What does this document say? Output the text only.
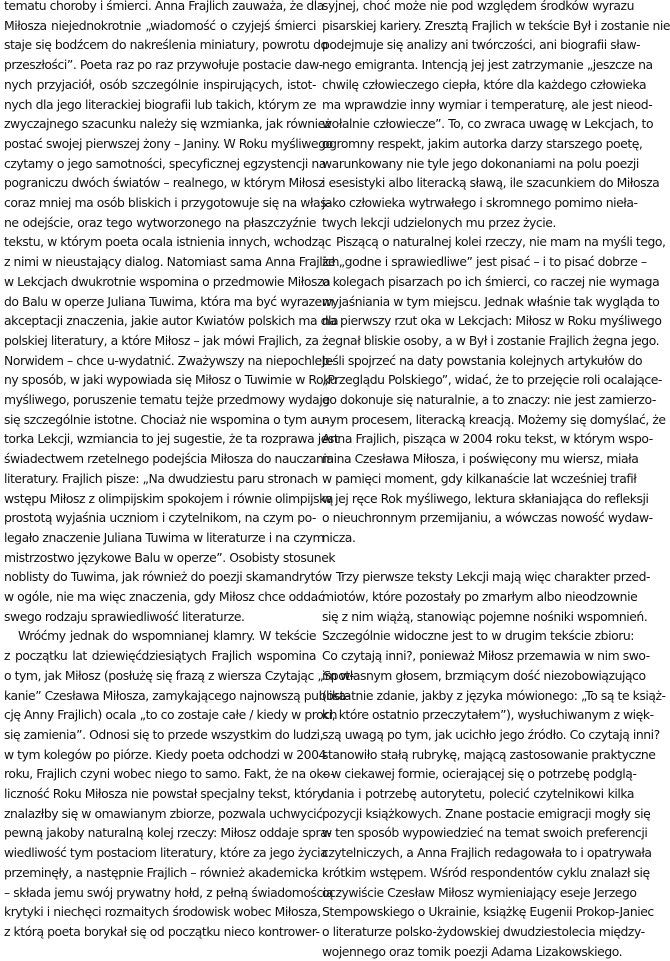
tematu choroby i śmierci. Anna Frajlich zauważa, że dla
Miłosza niejednokrotnie „wiadomość o czyjejś śmierci
staje się bodźcem do nakreślenia miniatury, powrotu do
przeszłości”. Poeta raz po raz przywołuje postacie daw-
nych przyjaciół, osób szczególnie inspirujących, istot-
nych dla jego literackiej biografii lub takich, którym ze
zwyczajnego szacunku należy się wzmianka, jak również
postać swojej pierwszej żony – Janiny. W Roku myśliwego
czytamy o jego samotności, specyficznej egzystencji na
pograniczu dwóch światów – realnego, w którym Miłosz
coraz mniej ma osób bliskich i przygotowuje się na włas-
ne odejście, oraz tego wytworzonego na płaszczyźnie
tekstu, w którym poeta ocala istnienia innych, wchodząc
z nimi w nieustający dialog. Natomiast sama Anna Frajlich
w Lekcjach dwukrotnie wspomina o przedmowie Miłosza
do Balu w operze Juliana Tuwima, która ma być wyrazem
akceptacji znaczenia, jakie autor Kwiatów polskich ma dla
polskiej literatury, a które Miłosz – jak mówi Frajlich, za
Norwidem – chce u-wydatnić. Zważywszy na niepochleb-
ny sposób, w jaki wypowiada się Miłosz o Tuwimie w Roku
myśliwego, poruszenie tematu tejże przedmowy wydaje
się szczególnie istotne. Chociaż nie wspomina o tym au-
torka Lekcji, wzmiancia to jej sugestie, że ta rozprawa jest
świadectwem rzetelnego podejścia Miłosza do nauczania
literatury. Frajlich pisze: „Na dwudziestu paru stronach
wstępu Miłosz z olimpijskim spokojem i równie olimpijską
prostotą wyjaśnia uczniom i czytelnikom, na czym po-
legało znaczenie Juliana Tuwima w literaturze i na czym
mistrzostwo językowe Balu w operze”. Osobisty stosunek
noblisty do Tuwima, jak również do poezji skamandrytów
w ogóle, nie ma więc znaczenia, gdy Miłosz chce oddać
swego rodzaju sprawiedliwość literaturze.
Wróćmy jednak do wspomnianej klamry. W tekście
z początku lat dziewięćdziesiątych Frajlich wspomina
o tym, jak Miłosz (posłużę się frazą z wiersza Czytając „Spot-
kanie” Czesława Miłosza, zamykającego najnowszą publika-
cję Anny Frajlich) ocala „to co zostaje całe / kiedy w proch
się zamienia”. Odnosi się to przede wszystkim do ludzi,
w tym kolegów po piórze. Kiedy poeta odchodzi w 2004
roku, Frajlich czyni wobec niego to samo. Fakt, że na oko-
liczność Roku Miłosza nie powstał specjalny tekst, który
znalazłby się w omawianym zbiorze, pozwala uchwycić
pewną jakoby naturalną kolej rzeczy: Miłosz oddaje spra-
wiedliwość tym postaciom literatury, które za jego życia
przeminęły, a następnie Frajlich – również akademicka
– składa jemu swój prywatny hołd, z pełną świadomością
krytyki i niechęci rozmaitych środowisk wobec Miłosza,
z którą poeta borykał się od początku nieco kontrower-
syjnej, choć może nie pod względem środków wyrazu
pisarskiej kariery. Zresztą Frajlich w tekście Był i zostanie nie
podejmuje się analizy ani twórczości, ani biografii sław-
nego emigranta. Intencją jej jest zatrzymanie „jeszcze na
chwilę człowieczego ciepła, które dla każdego człowieka
ma wprawdzie inny wymiar i temperaturę, ale jest nieod-
wołalnie człowiecze”. To, co zwraca uwagę w Lekcjach, to
ogromny respekt, jakim autorka darzy starszego poetę,
warunkowany nie tyle jego dokonaniami na polu poezji
i esesistyki albo literacką sławą, ile szacunkiem do Miłosza
jako człowieka wytrwałego i skromnego pomimo nieła-
twych lekcji udzielonych mu przez życie.
Piszącą o naturalnej kolei rzeczy, nie mam na myśli tego,
że „godne i sprawiedliwe” jest pisać – i to pisać dobrze –
o kolegach pisarzach po ich śmierci, co raczej nie wymaga
wyjaśniania w tym miejscu. Jednak właśnie tak wygląda to
na pierwszy rzut oka w Lekcjach: Miłosz w Roku myśliwego
żegnał bliskie osoby, a w Był i zostanie Frajlich żegna jego.
Jeśli spojrzeć na daty powstania kolejnych artykułów do
„Przeglądu Polskiego”, widać, że to przejęcie roli ocalające-
go dokonuje się naturalnie, a to znaczy: nie jest zamierzo-
nym procesem, literacką kreacją. Możemy się domyślać, że
Anna Frajlich, pisząca w 2004 roku tekst, w którym wspo-
mina Czesława Miłosza, i poświęcony mu wiersz, miała
w pamięci moment, gdy kilkanaście lat wcześniej trafił
w jej ręce Rok myśliwego, lektura skłaniająca do refleksji
o nieuchronnym przemijaniu, a wówczas nowość wydaw-
nicza.
Trzy pierwsze teksty Lekcji mają więc charakter przed-
miotów, które pozostały po zmarłym albo nieodzownie
się z nim wiążą, stanowiąc pojemne nośniki wspomnień.
Szczególnie widoczne jest to w drugim tekście zbioru:
Co czytają inni?, ponieważ Miłosz przemawia w nim swo-
im własnym głosem, brzmiącym dość niezobowiązująco
(ostatnie zdanie, jakby z języka mówionego: „To są te książ-
ki, które ostatnio przeczytałem”), wysłuchiwanym z więk-
szą uwagą po tym, jak ucichło jego źródło. Co czytają inni?
stanowiło stałą rubrykę, mającą zastosowanie praktyczne
– w ciekawej formie, ocierającej się o potrzebę podglą-
dania i potrzebę autorytetu, polecić czytelnikowi kilka
pozycji książkowych. Znane postacie emigracji mogły się
w ten sposób wypowiedzieć na temat swoich preferencji
czytelniczych, a Anna Frajlich redagowała to i opatrywała
krótkim wstępem. Wśród respondentów cyklu znalazł się
oczywiście Czesław Miłosz wymieniający eseje Jerzego
Stempowskiego o Ukrainie, książkę Eugenii Prokop-Janiec
o literaturze polsko-żydowskiej dwudziestolecia między-
wojennego oraz tomik poezji Adama Lizakowskiego.
